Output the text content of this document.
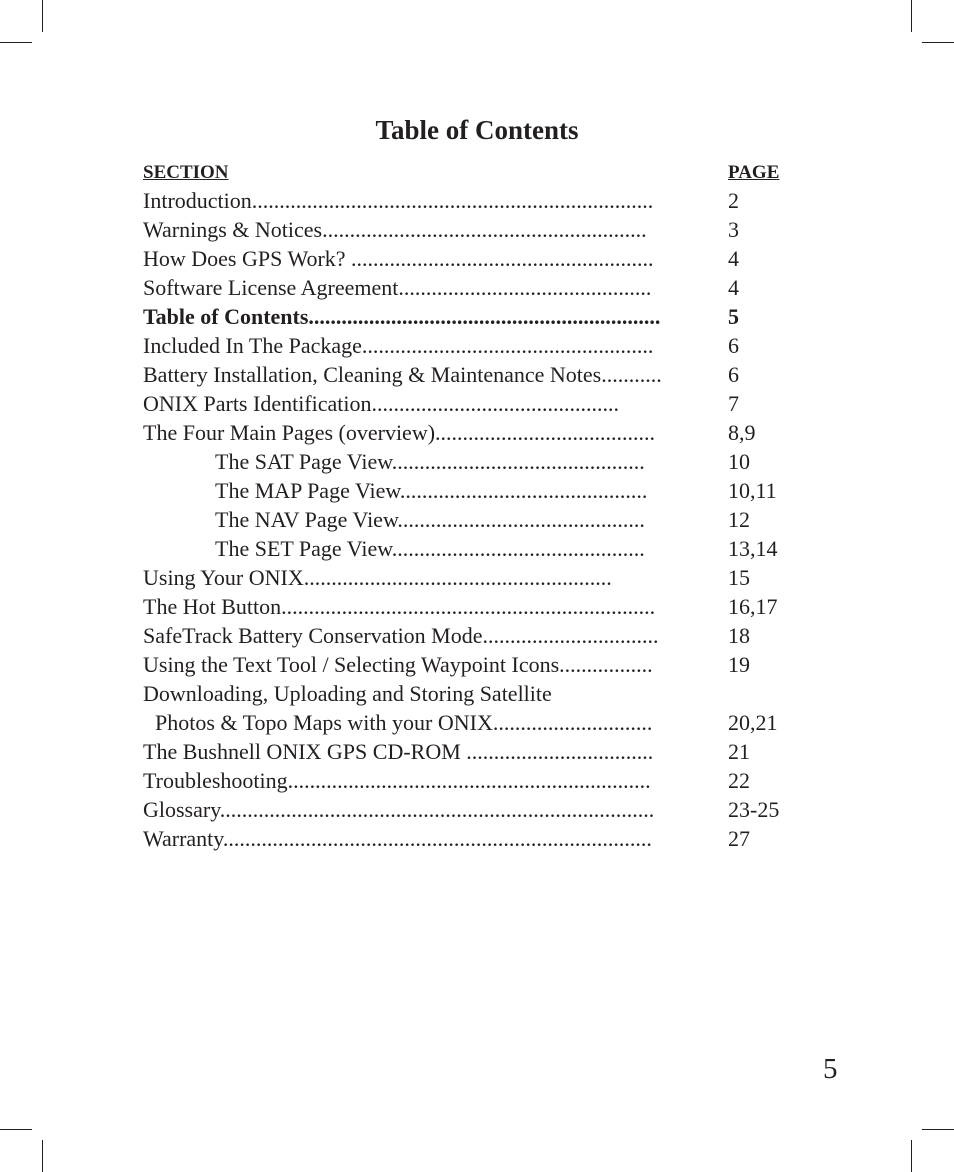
Table of Contents
SECTION	PAGE
Introduction.........................................................................	2
Warnings & Notices...........................................................	3
How Does GPS Work? .......................................................	4
Software License Agreement..............................................	4
Table of Contents................................................................	5
Included In The Package.....................................................	6
Battery Installation, Cleaning & Maintenance Notes...........	6
ONIX Parts Identification.............................................	7
The Four Main Pages (overview)........................................	8,9
The SAT Page View..............................................	10
The MAP Page View.............................................	10,11
The NAV Page View.............................................	12
The SET Page View..............................................	13,14
Using Your ONIX........................................................	15
The Hot Button....................................................................	16,17
SafeTrack Battery Conservation Mode................................	18
Using the Text Tool / Selecting Waypoint Icons.................	19
Downloading, Uploading and Storing Satellite
Photos & Topo Maps with your ONIX.............................	20,21
The Bushnell ONIX GPS CD-ROM ..................................	21
Troubleshooting..................................................................	22
Glossary...............................................................................	23-25
Warranty..............................................................................	27
5
